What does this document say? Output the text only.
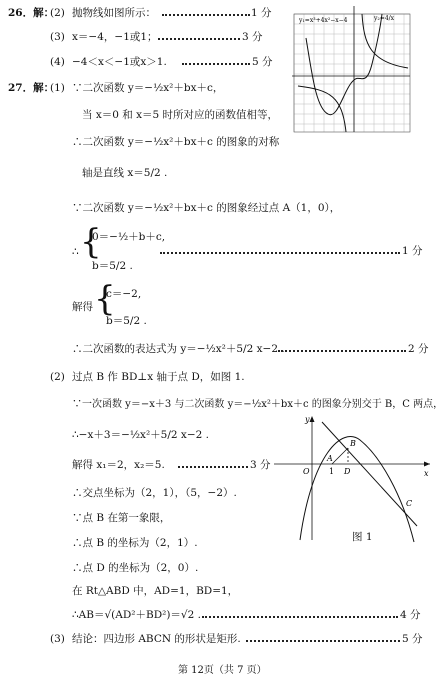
26．解：
(2) 抛物线如图所示：	1 分
(3) x＝−4，−1或1；	3 分
(4) −4＜x＜−1或x＞1.	5 分
y₁=x³+4x²−x−4	y₂=4/x
27．解：
(1) ∵二次函数 y＝−½x²＋bx＋c，
当 x＝0 和 x＝5 时所对应的函数值相等，
∴二次函数 y＝−½x²＋bx＋c 的图象的对称
轴是直线 x＝5/2 .
∵二次函数 y＝−½x²＋bx＋c 的图象经过点 A（1，0），
∴ {
0＝−½＋b＋c,
b＝5/2 .
1 分
解得 {
c＝−2,
b＝5/2 .
∴二次函数的表达式为 y＝−½x²＋5/2 x−2 .	2 分
(2) 过点 B 作 BD⊥x 轴于点 D，如图 1.
∵一次函数 y＝−x＋3 与二次函数 y＝−½x²＋bx＋c 的图象分别交于 B，C 两点，
∴−x＋3＝−½x²＋5/2 x−2 .
解得 x₁＝2，x₂＝5.	3 分
∴交点坐标为（2，1），（5，−2）.
∵点 B 在第一象限，
∴点 B 的坐标为（2，1）.
∴点 D 的坐标为（2，0）.
在 Rt△ABD 中，AD=1，BD=1，
∴AB＝√(AD²＋BD²)＝√2 .	4 分
y
x
O
A
1 D
B
C
图 1
(3) 结论：四边形 ABCN 的形状是矩形.	5 分
第 12页（共 7 页）
